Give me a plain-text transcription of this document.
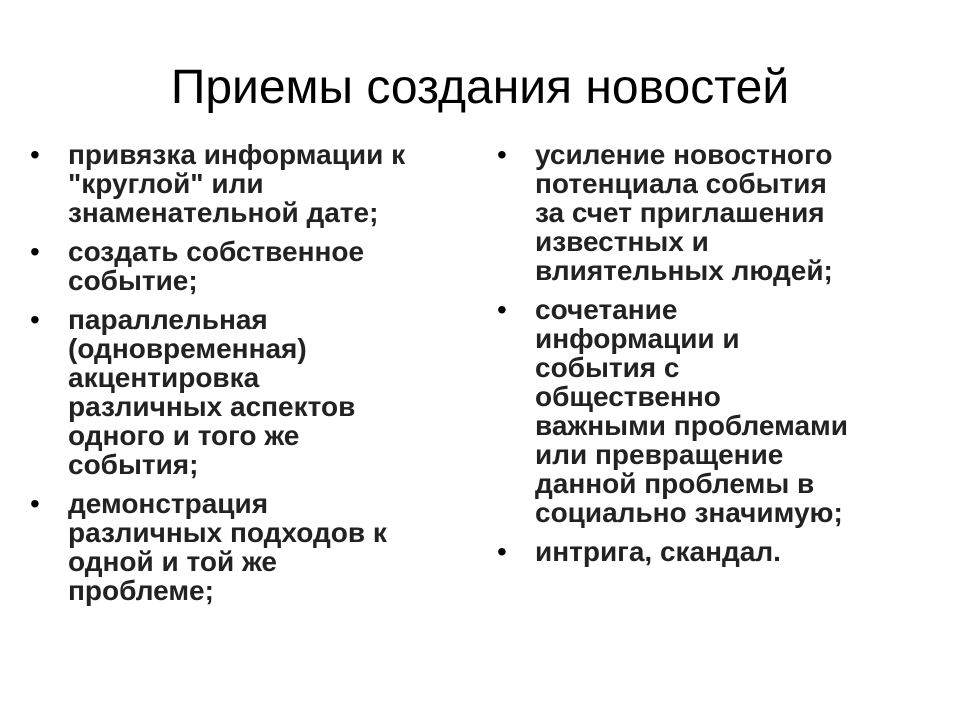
Приемы создания новостей
•	привязка информации к
"круглой" или
знаменательной дате;
•	создать собственное
событие;
•	параллельная
(одновременная)
акцентировка
различных аспектов
одного и того же
события;
•	демонстрация
различных подходов к
одной и той же
проблеме;
•	усиление новостного
потенциала события
за счет приглашения
известных и
влиятельных людей;
•	сочетание
информации и
события с
общественно
важными проблемами
или превращение
данной проблемы в
социально значимую;
•	интрига, скандал.
